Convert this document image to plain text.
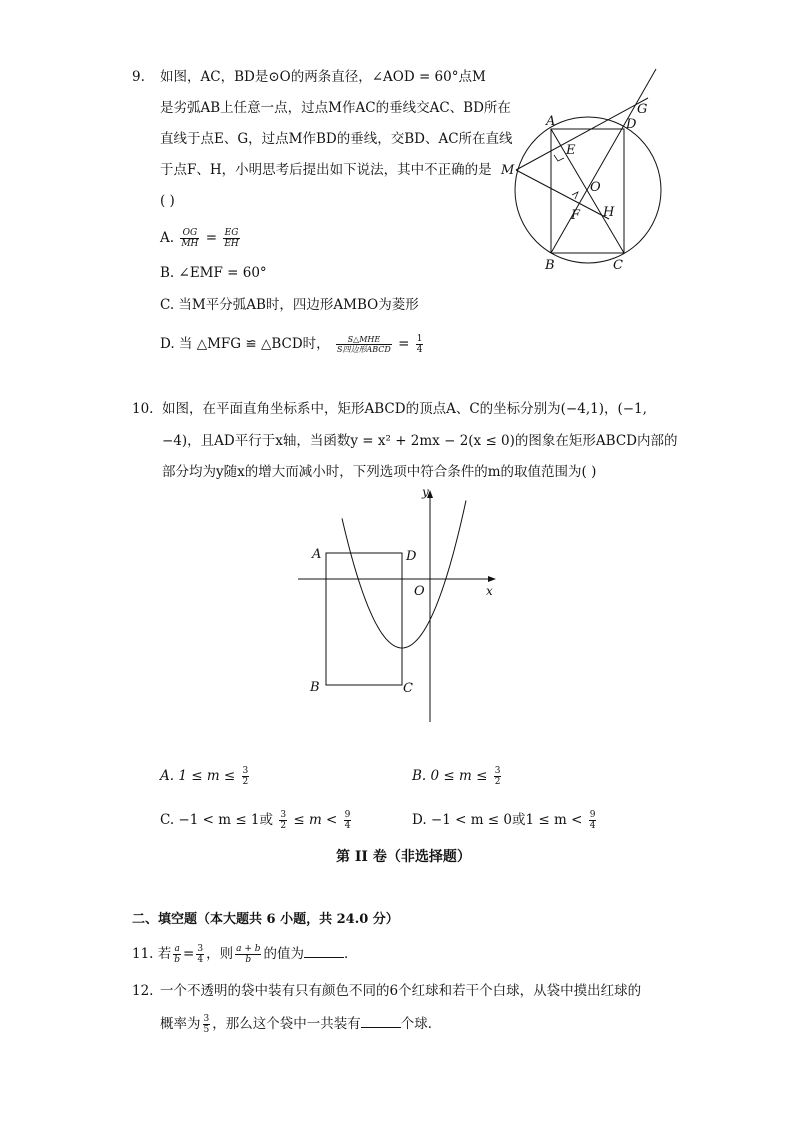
9. 如图，AC，BD是⊙O的两条直径，∠AOD = 60°点M
是劣弧AB上任意一点，过点M作AC的垂线交AC、BD所在
直线于点E、G，过点M作BD的垂线，交BD、AC所在直线
于点F、H，小明思考后提出如下说法，其中不正确的是
( )
A. $\frac{OG}{MH} = \frac{EG}{EH}$
B. ∠EMF = 60°
C. 当M平分弧AB时，四边形AMBO为菱形
D. 当 △MFG ≌ △BCD时， $\frac{\text{S△MHE}}{\text{S四边形ABCD}} = \frac{1}{4}$
A	D
G
E
M
O
F H
B	C
10. 如图，在平面直角坐标系中，矩形ABCD的顶点A、C的坐标分别为(−4,1)，(−1,
−4)，且AD平行于x轴，当函数y = x² + 2mx − 2(x ≤ 0)的图象在矩形ABCD内部的
部分均为y随x的增大而减小时，下列选项中符合条件的m的取值范围为( )
y
x
O
A	D
B	C
A. $1 \le m \le \frac{3}{2}$	B. $0 \le m \le \frac{3}{2}$
C. −1 < m ≤ 1或 $\frac{3}{2} \le m < \frac{9}{4}$	D. −1 < m ≤ 0或$1 \le m < \frac{9}{4}$
第 II 卷（非选择题）
二、填空题（本大题共 6 小题，共 24.0 分）
11. 若 $\frac{a}{b} = \frac{3}{4}$ ，则 $\frac{a + b}{b}$ 的值为	．
12. 一个不透明的袋中装有只有颜色不同的6个红球和若干个白球，从袋中摸出红球的
概率为 $\frac{3}{5}$ ，那么这个袋中一共装有	个球．
